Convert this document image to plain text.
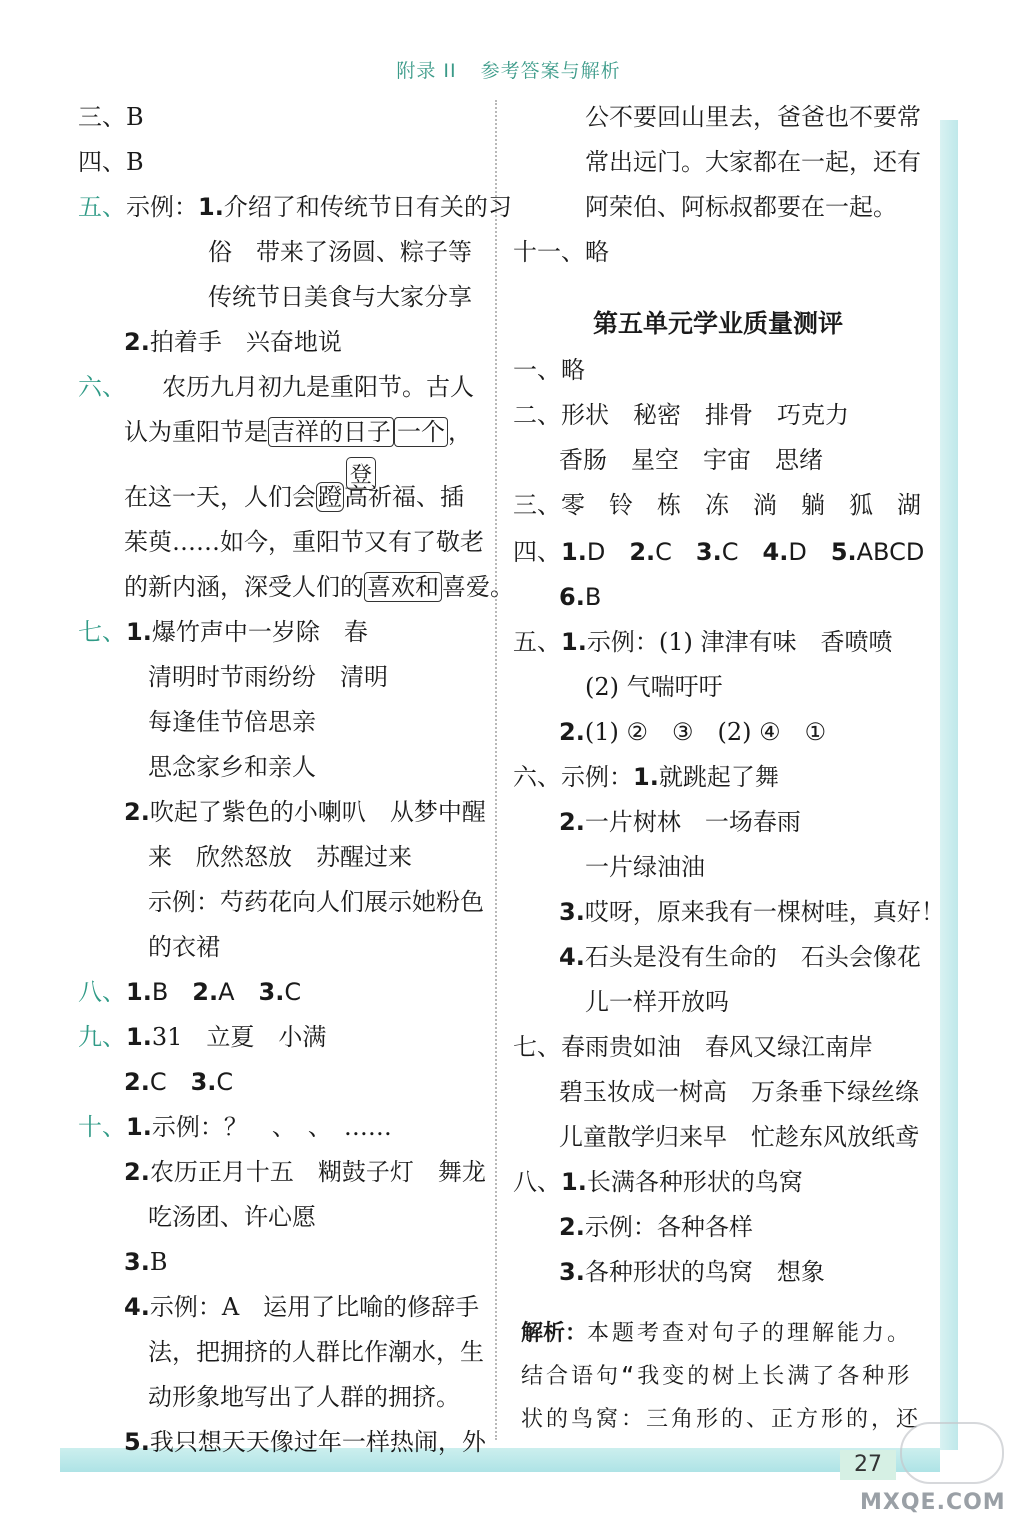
附录 II 参考答案与解析
三、B
四、B
五、示例：1.介绍了和传统节日有关的习
俗　带来了汤圆、粽子等
传统节日美食与大家分享
2.拍着手　兴奋地说
六、　　农历九月初九是重阳节。古人
认为重阳节是 吉祥的日子 一个 ，
登
在这一天，人们会蹬高祈福、插
茱萸……如今，重阳节又有了敬老
的新内涵，深受人们的 喜欢和 喜爱。
七、1.爆竹声中一岁除　春
清明时节雨纷纷　清明
每逢佳节倍思亲
思念家乡和亲人
2.吹起了紫色的小喇叭　从梦中醒
来　欣然怒放　苏醒过来
示例：芍药花向人们展示她粉色
的衣裙
八、1.B　2.A　3.C
九、1.31　立夏　小满
2.C　3.C
十、1.示例：？　、　、　……
2.农历正月十五　糊鼓子灯　舞龙
吃汤团、许心愿
3.B
4.示例：A　运用了比喻的修辞手
法，把拥挤的人群比作潮水，生
动形象地写出了人群的拥挤。
5.我只想天天像过年一样热闹，外
公不要回山里去，爸爸也不要常
常出远门。大家都在一起，还有
阿荣伯、阿标叔都要在一起。
十一、略
第五单元学业质量测评
一、略
二、形状　秘密　排骨　巧克力
香肠　星空　宇宙　思绪
三、零　铃　栋　冻　淌　躺　狐　湖
四、1.D　2.C　3.C　4.D　5.ABCD
6.B
五、1.示例：(1) 津津有味　香喷喷
(2) 气喘吁吁
2.(1) ②　③　(2) ④　①
六、示例：1.就跳起了舞
2.一片树林　一场春雨
一片绿油油
3.哎呀，原来我有一棵树哇，真好！
4.石头是没有生命的　石头会像花
儿一样开放吗
七、春雨贵如油　春风又绿江南岸
碧玉妆成一树高　万条垂下绿丝绦
儿童散学归来早　忙趁东风放纸鸢
八、1.长满各种形状的鸟窝
2.示例：各种各样
3.各种形状的鸟窝　想象
解析：本题考查对句子的理解能力。
结合语句“我变的树上长满了各种形
状的鸟窝：三角形的、正方形的，还
27
MXQE.COM
